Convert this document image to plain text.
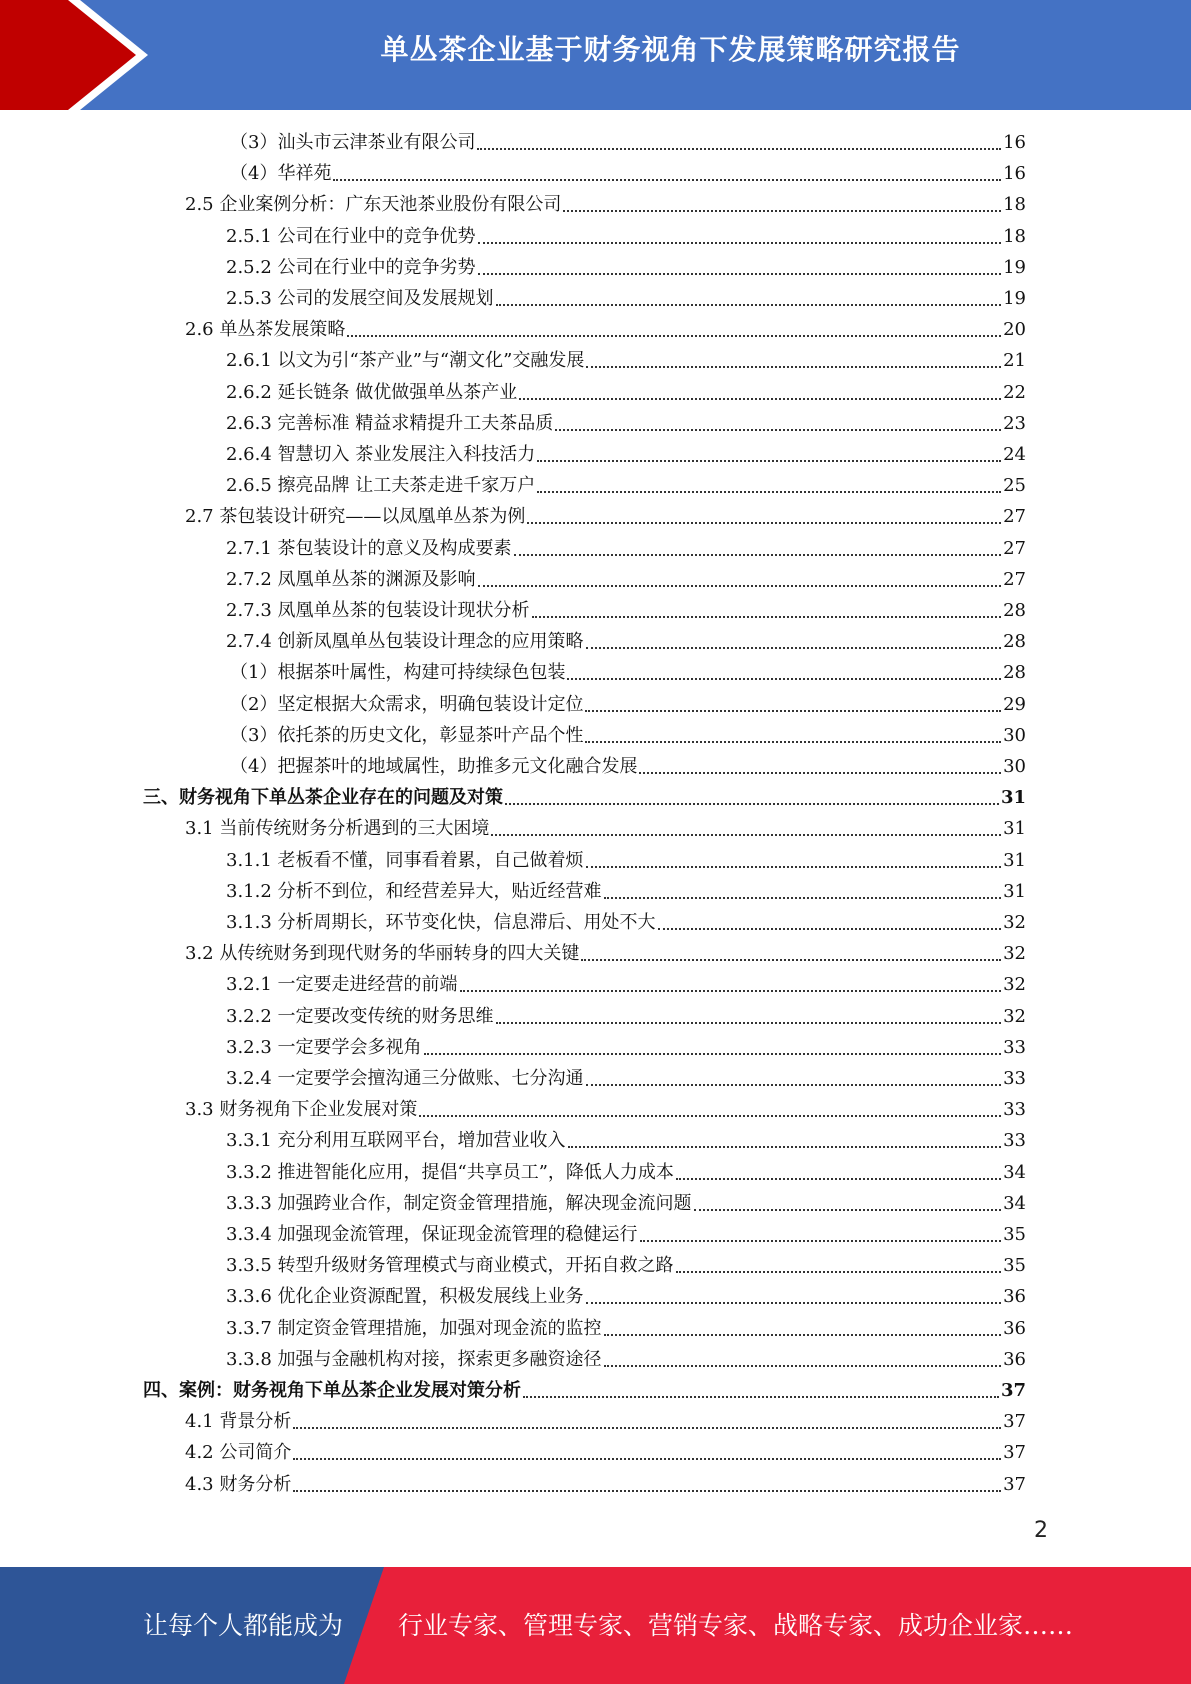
单丛茶企业基于财务视角下发展策略研究报告
（3）汕头市云津茶业有限公司	16
（4）华祥苑	16
2.5 企业案例分析：广东天池茶业股份有限公司	18
2.5.1 公司在行业中的竞争优势	18
2.5.2 公司在行业中的竞争劣势	19
2.5.3 公司的发展空间及发展规划	19
2.6 单丛茶发展策略	20
2.6.1 以文为引“茶产业”与“潮文化”交融发展	21
2.6.2 延长链条 做优做强单丛茶产业	22
2.6.3 完善标准 精益求精提升工夫茶品质	23
2.6.4 智慧切入 茶业发展注入科技活力	24
2.6.5 擦亮品牌 让工夫茶走进千家万户	25
2.7 茶包装设计研究——以凤凰单丛茶为例	27
2.7.1 茶包装设计的意义及构成要素	27
2.7.2 凤凰单丛茶的渊源及影响	27
2.7.3 凤凰单丛茶的包装设计现状分析	28
2.7.4 创新凤凰单丛包装设计理念的应用策略	28
（1）根据茶叶属性，构建可持续绿色包装	28
（2）坚定根据大众需求，明确包装设计定位	29
（3）依托茶的历史文化，彰显茶叶产品个性	30
（4）把握茶叶的地域属性，助推多元文化融合发展	30
三、财务视角下单丛茶企业存在的问题及对策	31
3.1 当前传统财务分析遇到的三大困境	31
3.1.1 老板看不懂，同事看着累，自己做着烦	31
3.1.2 分析不到位，和经营差异大，贴近经营难	31
3.1.3 分析周期长，环节变化快，信息滞后、用处不大	32
3.2 从传统财务到现代财务的华丽转身的四大关键	32
3.2.1 一定要走进经营的前端	32
3.2.2 一定要改变传统的财务思维	32
3.2.3 一定要学会多视角	33
3.2.4 一定要学会擅沟通三分做账、七分沟通	33
3.3 财务视角下企业发展对策	33
3.3.1 充分利用互联网平台，增加营业收入	33
3.3.2 推进智能化应用，提倡“共享员工”，降低人力成本	34
3.3.3 加强跨业合作，制定资金管理措施，解决现金流问题	34
3.3.4 加强现金流管理，保证现金流管理的稳健运行	35
3.3.5 转型升级财务管理模式与商业模式，开拓自救之路	35
3.3.6 优化企业资源配置，积极发展线上业务	36
3.3.7 制定资金管理措施，加强对现金流的监控	36
3.3.8 加强与金融机构对接，探索更多融资途径	36
四、案例：财务视角下单丛茶企业发展对策分析	37
4.1 背景分析	37
4.2 公司简介	37
4.3 财务分析	37
2
让每个人都能成为 行业专家、管理专家、营销专家、战略专家、成功企业家……
